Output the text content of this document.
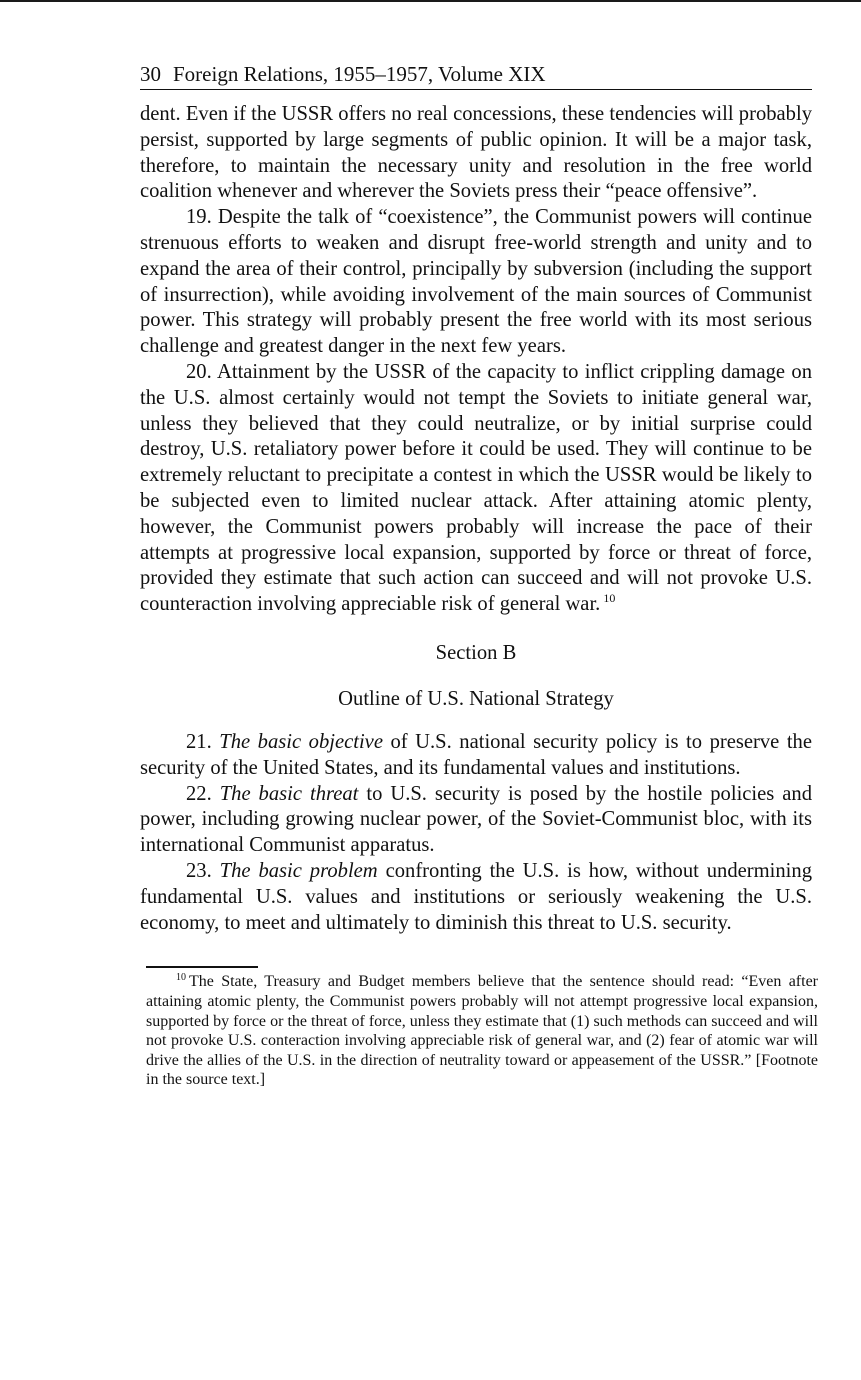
30 Foreign Relations, 1955–1957, Volume XIX

dent. Even if the USSR offers no real concessions, these tendencies will probably persist, supported by large segments of public opinion. It will be a major task, therefore, to maintain the necessary unity and resolution in the free world coalition whenever and wherever the Soviets press their “peace offensive”.

19. Despite the talk of “coexistence”, the Communist powers will continue strenuous efforts to weaken and disrupt free-world strength and unity and to expand the area of their control, principally by subversion (including the support of insurrection), while avoiding involvement of the main sources of Communist power. This strategy will probably present the free world with its most serious challenge and greatest danger in the next few years.

20. Attainment by the USSR of the capacity to inflict crippling damage on the U.S. almost certainly would not tempt the Soviets to initiate general war, unless they believed that they could neutralize, or by initial surprise could destroy, U.S. retaliatory power before it could be used. They will continue to be extremely reluctant to precipitate a contest in which the USSR would be likely to be subjected even to limited nuclear attack. After attaining atomic plenty, however, the Communist powers probably will increase the pace of their attempts at progressive local expansion, supported by force or threat of force, provided they estimate that such action can succeed and will not provoke U.S. counteraction involving appreciable risk of general war. $^{10}$

Section B
Outline of U.S. National Strategy

21. The basic objective of U.S. national security policy is to preserve the security of the United States, and its fundamental values and institutions.

22. The basic threat to U.S. security is posed by the hostile policies and power, including growing nuclear power, of the Soviet-Communist bloc, with its international Communist apparatus.

23. The basic problem confronting the U.S. is how, without undermining fundamental U.S. values and institutions or seriously weakening the U.S. economy, to meet and ultimately to diminish this threat to U.S. security.

$^{10}$ The State, Treasury and Budget members believe that the sentence should read: “Even after attaining atomic plenty, the Communist powers probably will not attempt progressive local expansion, supported by force or the threat of force, unless they estimate that (1) such methods can succeed and will not provoke U.S. conteraction involving appreciable risk of general war, and (2) fear of atomic war will drive the allies of the U.S. in the direction of neutrality toward or appeasement of the USSR.” [Footnote in the source text.]
